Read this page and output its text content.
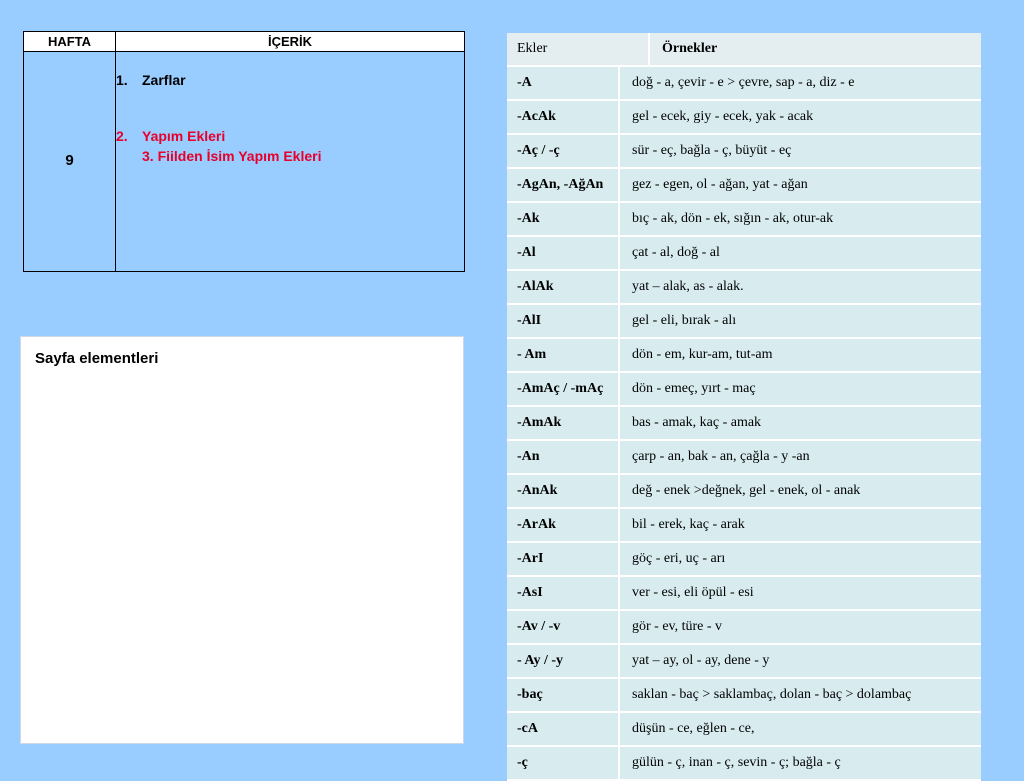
HAFTA	İÇERİK
9
1.	Zarflar
2.	Yapım Ekleri
3. Fiilden İsim Yapım Ekleri
Sayfa elementleri
Ekler	Örnekler
-A	doğ - a, çevir - e > çevre, sap - a, diz - e
-AcAk	gel - ecek, giy - ecek, yak - acak
-Aç / -ç	sür - eç, bağla - ç, büyüt - eç
-AgAn, -AğAn	gez - egen, ol - ağan, yat - ağan
-Ak	bıç - ak, dön - ek, sığın - ak, otur-ak
-Al	çat - al, doğ - al
-AlAk	yat – alak, as - alak.
-AlI	gel - eli, bırak - alı
- Am	dön - em, kur-am, tut-am
-AmAç / -mAç	dön - emeç, yırt - maç
-AmAk	bas - amak, kaç - amak
-An	çarp - an, bak - an, çağla - y -an
-AnAk	değ - enek >değnek, gel - enek, ol - anak
-ArAk	bil - erek, kaç - arak
-ArI	göç - eri, uç - arı
-AsI	ver - esi, eli öpül - esi
-Av / -v	gör - ev, türe - v
- Ay / -y	yat – ay, ol - ay, dene - y
-baç	saklan - baç > saklambaç, dolan - baç > dolambaç
-cA	düşün - ce, eğlen - ce,
-ç	gülün - ç, inan - ç, sevin - ç; bağla - ç
